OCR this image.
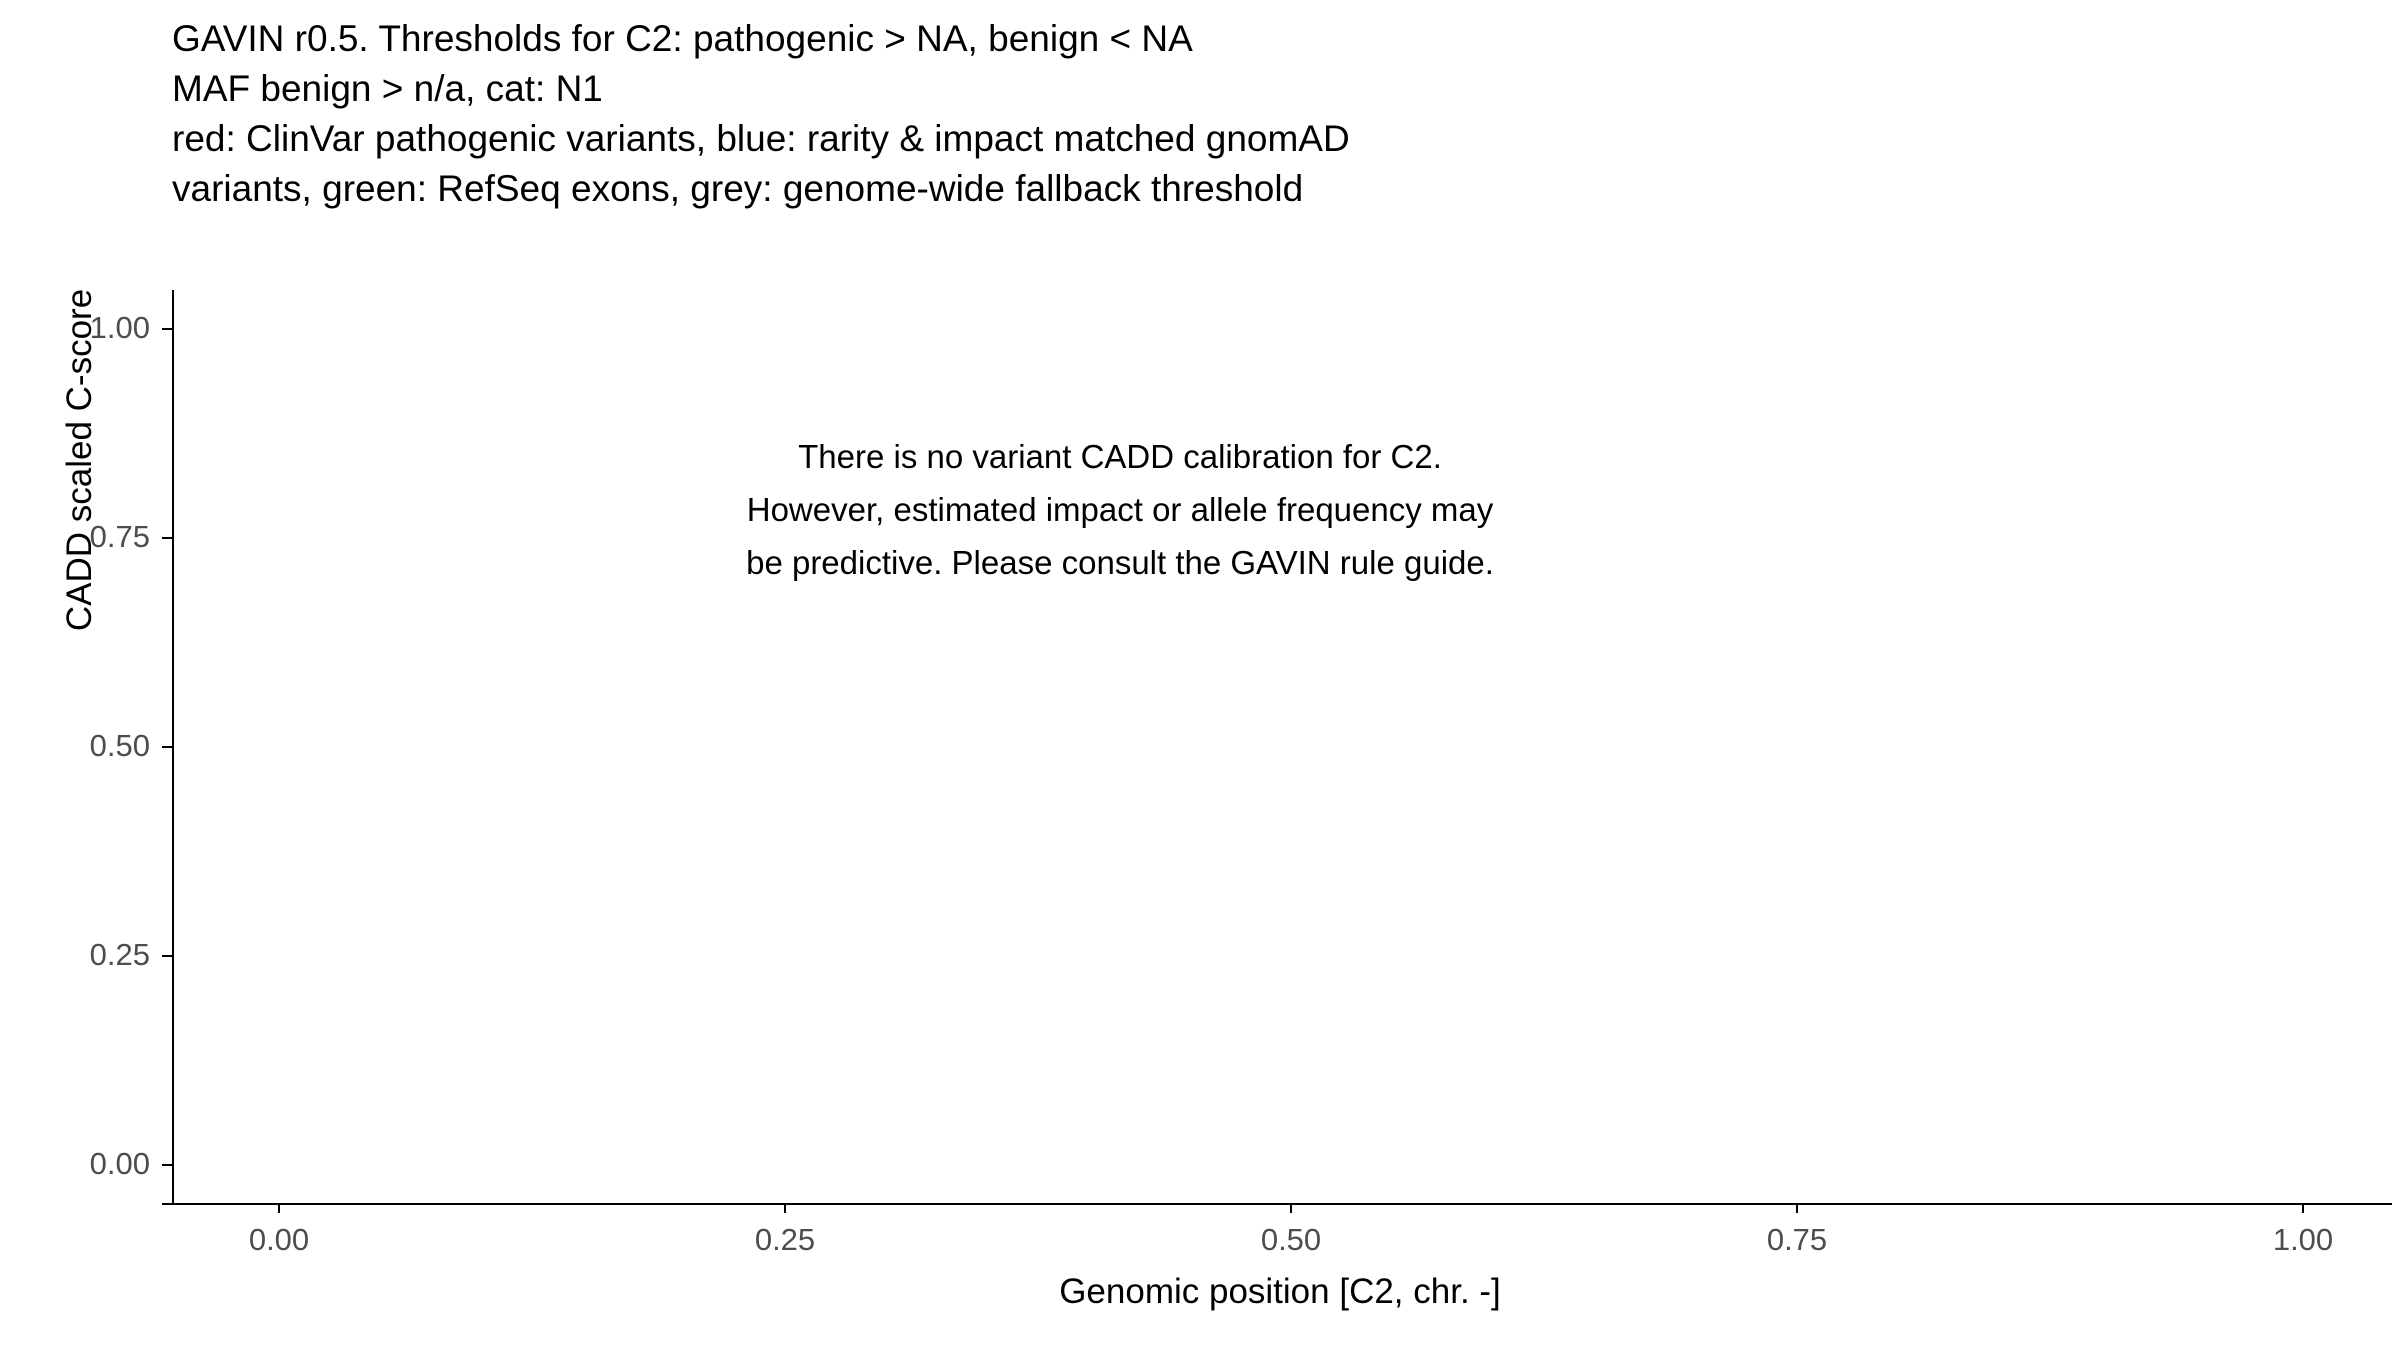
GAVIN r0.5. Thresholds for C2: pathogenic > NA, benign < NA
MAF benign > n/a, cat: N1
red: ClinVar pathogenic variants, blue: rarity & impact matched gnomAD
variants, green: RefSeq exons, grey: genome-wide fallback threshold
CADD scaled C-score
0.00
0.25
0.50
0.75
1.00
0.00	0.25	0.50	0.75	1.00
There is no variant CADD calibration for C2.
However, estimated impact or allele frequency may
be predictive. Please consult the GAVIN rule guide.
Genomic position [C2, chr. -]
